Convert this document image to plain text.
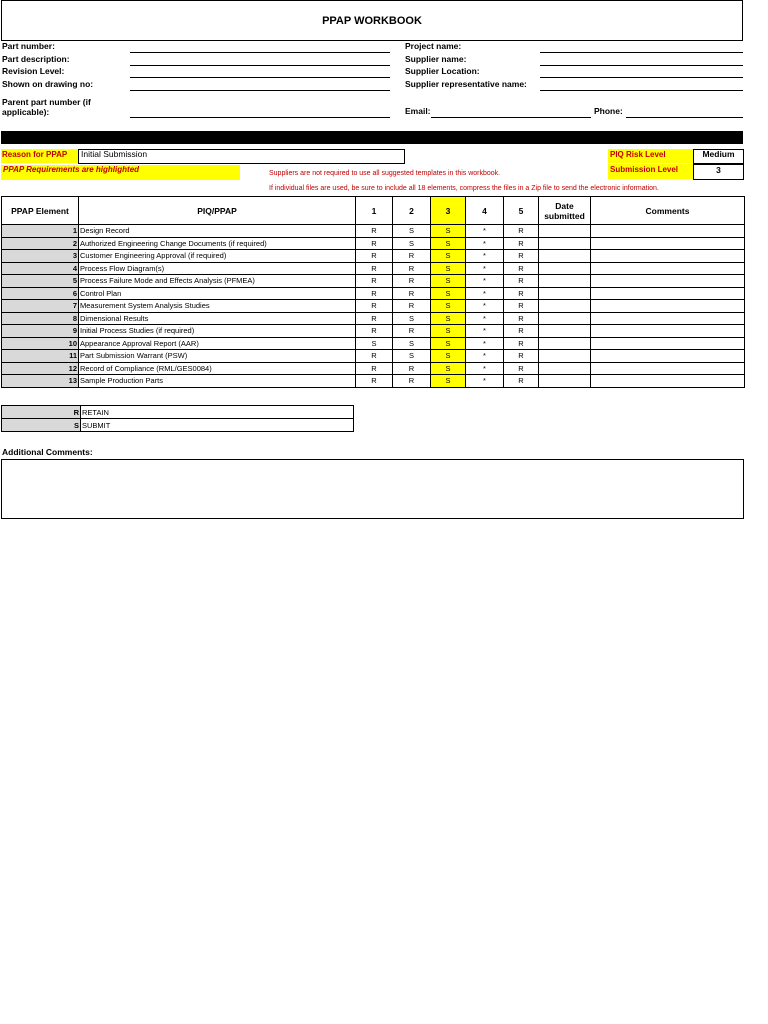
PPAP WORKBOOK
Part number:
Part description:
Revision Level:
Shown on drawing no:
Parent part number (if
applicable):
Project name:
Supplier name:
Supplier Location:
Supplier representative name:
Email:	Phone:
Reason for PPAP	Initial Submission
PPAP Requirements are highlighted	Suppliers are not required to use all suggested templates in this workbook.
If individual files are used, be sure to include all 18 elements, compress the files in a Zip file to send the electronic information.
PIQ Risk Level	Medium
Submission Level	3
PPAP Element	PIQ/PPAP	1	2	3	4	5	Date submitted	Comments
1	Design Record	R	S	S	*	R		
2	Authorized Engineering Change Documents (if required)	R	S	S	*	R		
3	Customer Engineering Approval (if required)	R	R	S	*	R		
4	Process Flow Diagram(s)	R	R	S	*	R		
5	Process Failure Mode and Effects Analysis (PFMEA)	R	R	S	*	R		
6	Control Plan	R	R	S	*	R		
7	Measurement System Analysis Studies	R	R	S	*	R		
8	Dimensional Results	R	S	S	*	R		
9	Initial Process Studies (if required)	R	R	S	*	R		
10	Appearance Approval Report (AAR)	S	S	S	*	R		
11	Part Submission Warrant (PSW)	R	S	S	*	R		
12	Record of Compliance (RML/GES0084)	R	R	S	*	R		
13	Sample Production Parts	R	R	S	*	R		
R	RETAIN
S	SUBMIT
Additional Comments:
